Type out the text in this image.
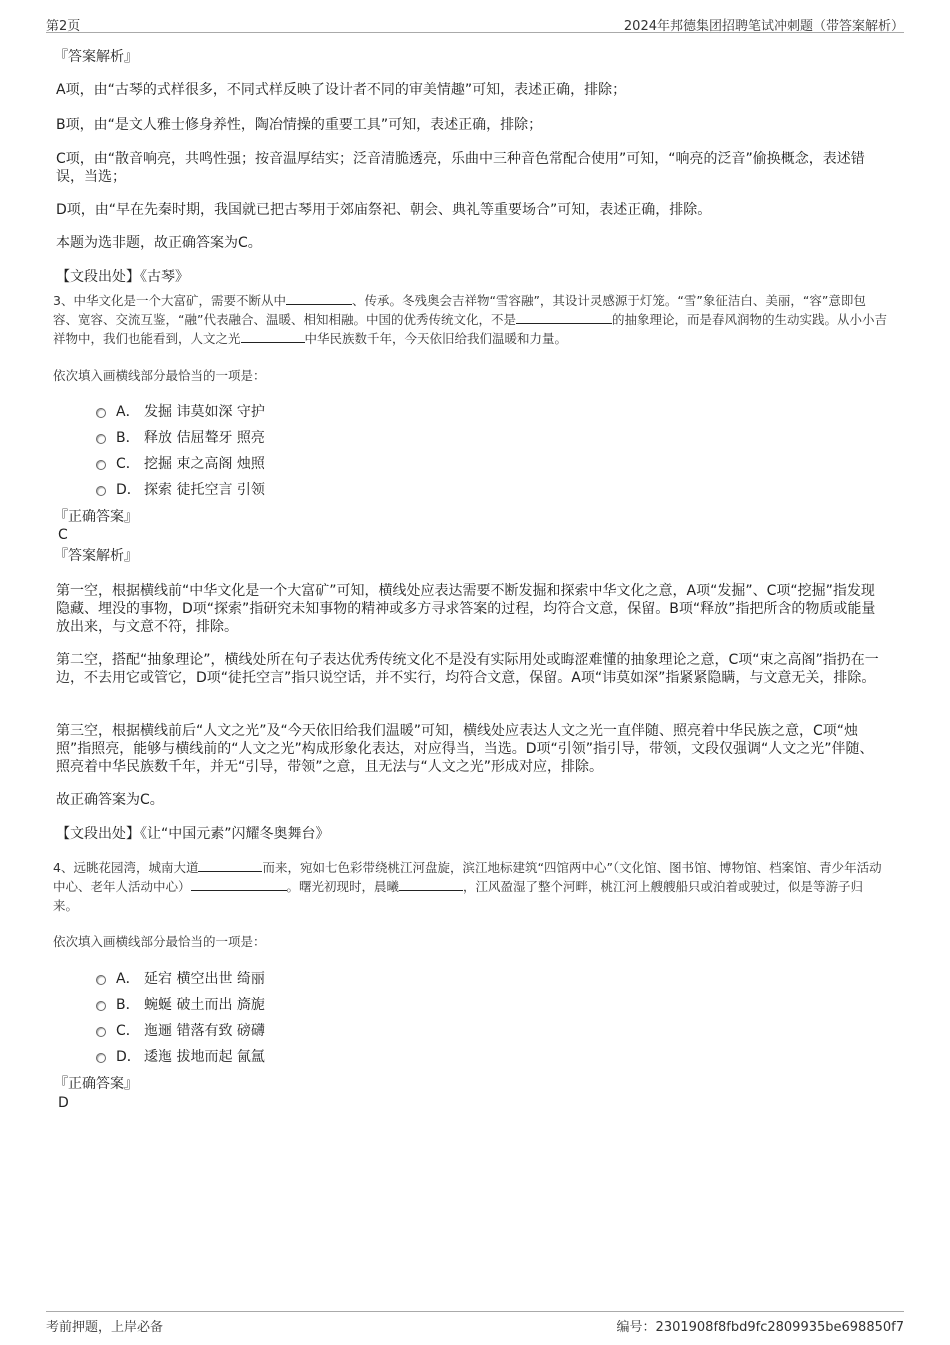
第2页	2024年邦德集团招聘笔试冲刺题（带答案解析）
『答案解析』

A项，由“古琴的式样很多，不同式样反映了设计者不同的审美情趣”可知，表述正确，排除；

B项，由“是文人雅士修身养性，陶冶情操的重要工具”可知，表述正确，排除；

C项，由“散音响亮，共鸣性强；按音温厚结实；泛音清脆透亮，乐曲中三种音色常配合使用”可知，“响亮的泛音”偷换概念，表述错误，当选；

D项，由“早在先秦时期，我国就已把古琴用于郊庙祭祀、朝会、典礼等重要场合”可知，表述正确，排除。

本题为选非题，故正确答案为C。

【文段出处】《古琴》

3、中华文化是一个大富矿，需要不断从中	、传承。冬残奥会吉祥物“雪容融”，其设计灵感源于灯笼。“雪”象征洁白、美丽，“容”意即包容、宽容、交流互鉴，“融”代表融合、温暖、相知相融。中国的优秀传统文化，不是	的抽象理论，而是春风润物的生动实践。从小小吉祥物中，我们也能看到，人文之光	中华民族数千年，今天依旧给我们温暖和力量。
依次填入画横线部分最恰当的一项是：
A． 发掘 讳莫如深 守护
B． 释放 佶屈聱牙 照亮
C． 挖掘 束之高阁 烛照
D． 探索 徒托空言 引领
『正确答案』
C
『答案解析』

第一空，根据横线前“中华文化是一个大富矿”可知，横线处应表达需要不断发掘和探索中华文化之意，A项“发掘”、C项“挖掘”指发现隐藏、埋没的事物，D项“探索”指研究未知事物的精神或多方寻求答案的过程，均符合文意，保留。B项“释放”指把所含的物质或能量放出来，与文意不符，排除。

第二空，搭配“抽象理论”，横线处所在句子表达优秀传统文化不是没有实际用处或晦涩难懂的抽象理论之意，C项“束之高阁”指扔在一边，不去用它或管它，D项“徒托空言”指只说空话，并不实行，均符合文意，保留。A项“讳莫如深”指紧紧隐瞒，与文意无关，排除。

第三空，根据横线前后“人文之光”及“今天依旧给我们温暖”可知，横线处应表达人文之光一直伴随、照亮着中华民族之意，C项“烛照”指照亮，能够与横线前的“人文之光”构成形象化表达，对应得当，当选。D项“引领”指引导，带领，文段仅强调“人文之光”伴随、照亮着中华民族数千年，并无“引导，带领”之意，且无法与“人文之光”形成对应，排除。

故正确答案为C。

【文段出处】《让“中国元素”闪耀冬奥舞台》

4、远眺花园湾，城南大道	而来，宛如七色彩带绕桃江河盘旋，滨江地标建筑“四馆两中心”（文化馆、图书馆、博物馆、档案馆、青少年活动中心、老年人活动中心）	。曙光初现时，晨曦	，江风盈湿了整个河畔，桃江河上艘艘船只或泊着或驶过，似是等游子归来。
依次填入画横线部分最恰当的一项是：
A． 延宕 横空出世 绮丽
B． 蜿蜒 破土而出 旖旎
C． 迤逦 错落有致 磅礴
D． 逶迤 拔地而起 氤氲
『正确答案』
D
考前押题，上岸必备	编号：2301908f8fbd9fc2809935be698850f7
